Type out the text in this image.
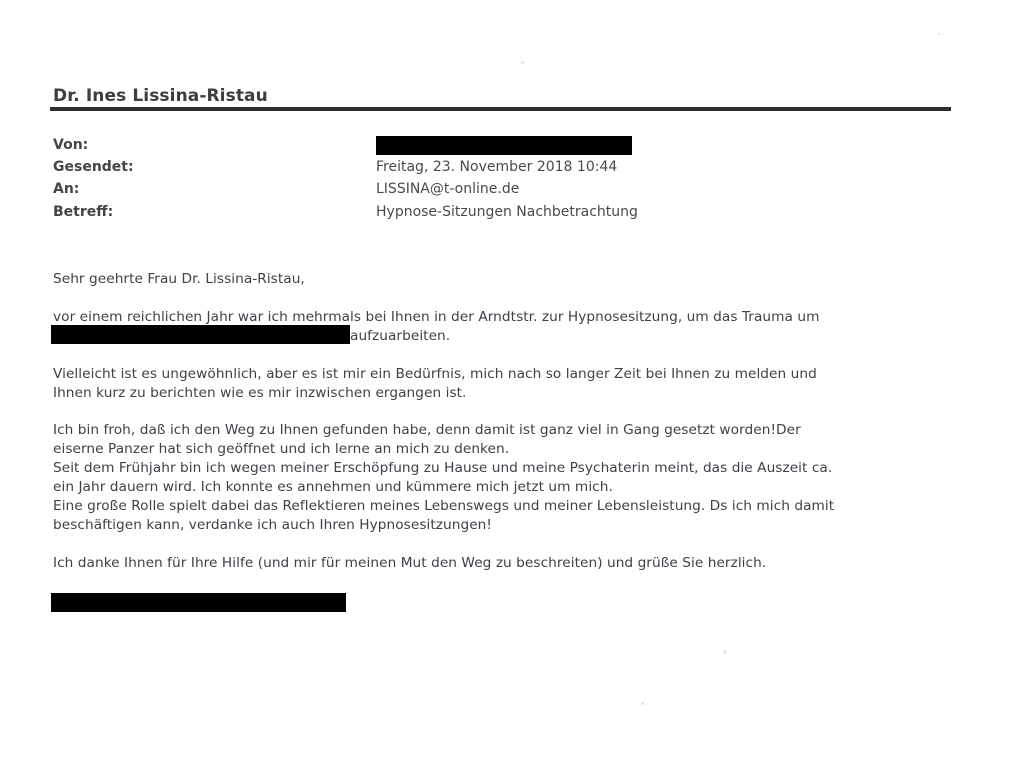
Dr. Ines Lissina-Ristau
Von:
Gesendet:	Freitag, 23. November 2018 10:44
An:	LISSINA@t-online.de
Betreff:	Hypnose-Sitzungen Nachbetrachtung
Sehr geehrte Frau Dr. Lissina-Ristau,
vor einem reichlichen Jahr war ich mehrmals bei Ihnen in der Arndtstr. zur Hypnosesitzung, um das Trauma um
aufzuarbeiten.
Vielleicht ist es ungewöhnlich, aber es ist mir ein Bedürfnis, mich nach so langer Zeit bei Ihnen zu melden und
Ihnen kurz zu berichten wie es mir inzwischen ergangen ist.
Ich bin froh, daß ich den Weg zu Ihnen gefunden habe, denn damit ist ganz viel in Gang gesetzt worden!Der
eiserne Panzer hat sich geöffnet und ich lerne an mich zu denken.
Seit dem Frühjahr bin ich wegen meiner Erschöpfung zu Hause und meine Psychaterin meint, das die Auszeit ca.
ein Jahr dauern wird. Ich konnte es annehmen und kümmere mich jetzt um mich.
Eine große Rolle spielt dabei das Reflektieren meines Lebenswegs und meiner Lebensleistung. Ds ich mich damit
beschäftigen kann, verdanke ich auch Ihren Hypnosesitzungen!
Ich danke Ihnen für Ihre Hilfe (und mir für meinen Mut den Weg zu beschreiten) und grüße Sie herzlich.
